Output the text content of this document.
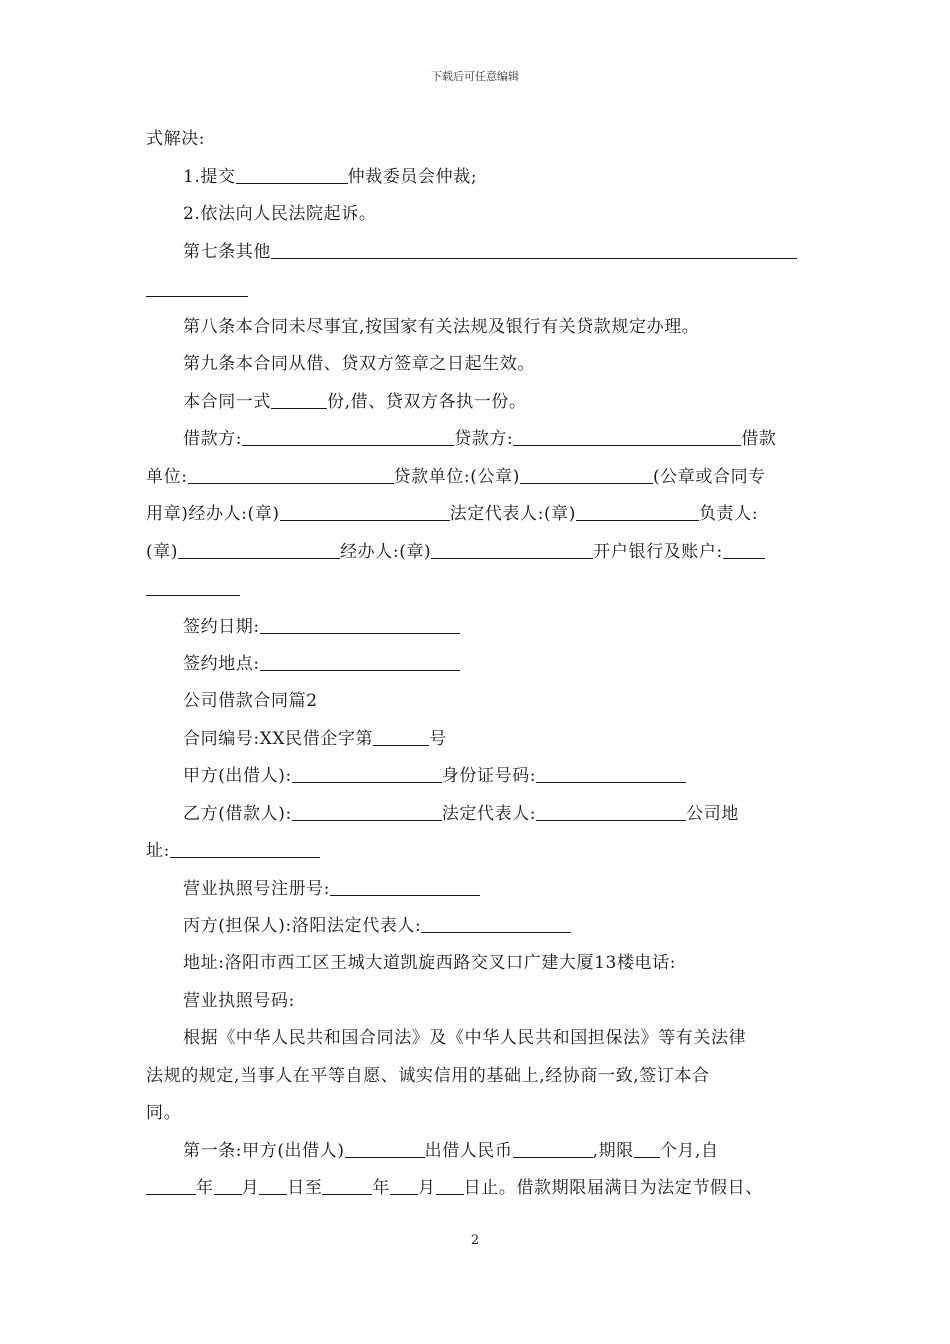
下载后可任意编辑
式解决:
1.提交	仲裁委员会仲裁;
2.依法向人民法院起诉。
第七条其他
第八条本合同未尽事宜,按国家有关法规及银行有关贷款规定办理。
第九条本合同从借、贷双方签章之日起生效。
本合同一式	份,借、贷双方各执一份。
借款方:	贷款方:	借款
单位:	贷款单位:(公章)	(公章或合同专
用章)经办人:(章)	法定代表人:(章)	负责人:
(章)	经办人:(章)	开户银行及账户:
签约日期:
签约地点:
公司借款合同篇2
合同编号:XX民借企字第	号
甲方(出借人):	身份证号码:
乙方(借款人):	法定代表人:	公司地
址:
营业执照号注册号:
丙方(担保人):洛阳法定代表人:
地址:洛阳市西工区王城大道凯旋西路交叉口广建大厦13楼电话:
营业执照号码:
根据《中华人民共和国合同法》及《中华人民共和国担保法》等有关法律
法规的规定,当事人在平等自愿、诚实信用的基础上,经协商一致,签订本合
同。
第一条:甲方(出借人)	出借人民币	,期限 个月,自
年 月 日至	年 月 日止。借款期限届满日为法定节假日、
2
